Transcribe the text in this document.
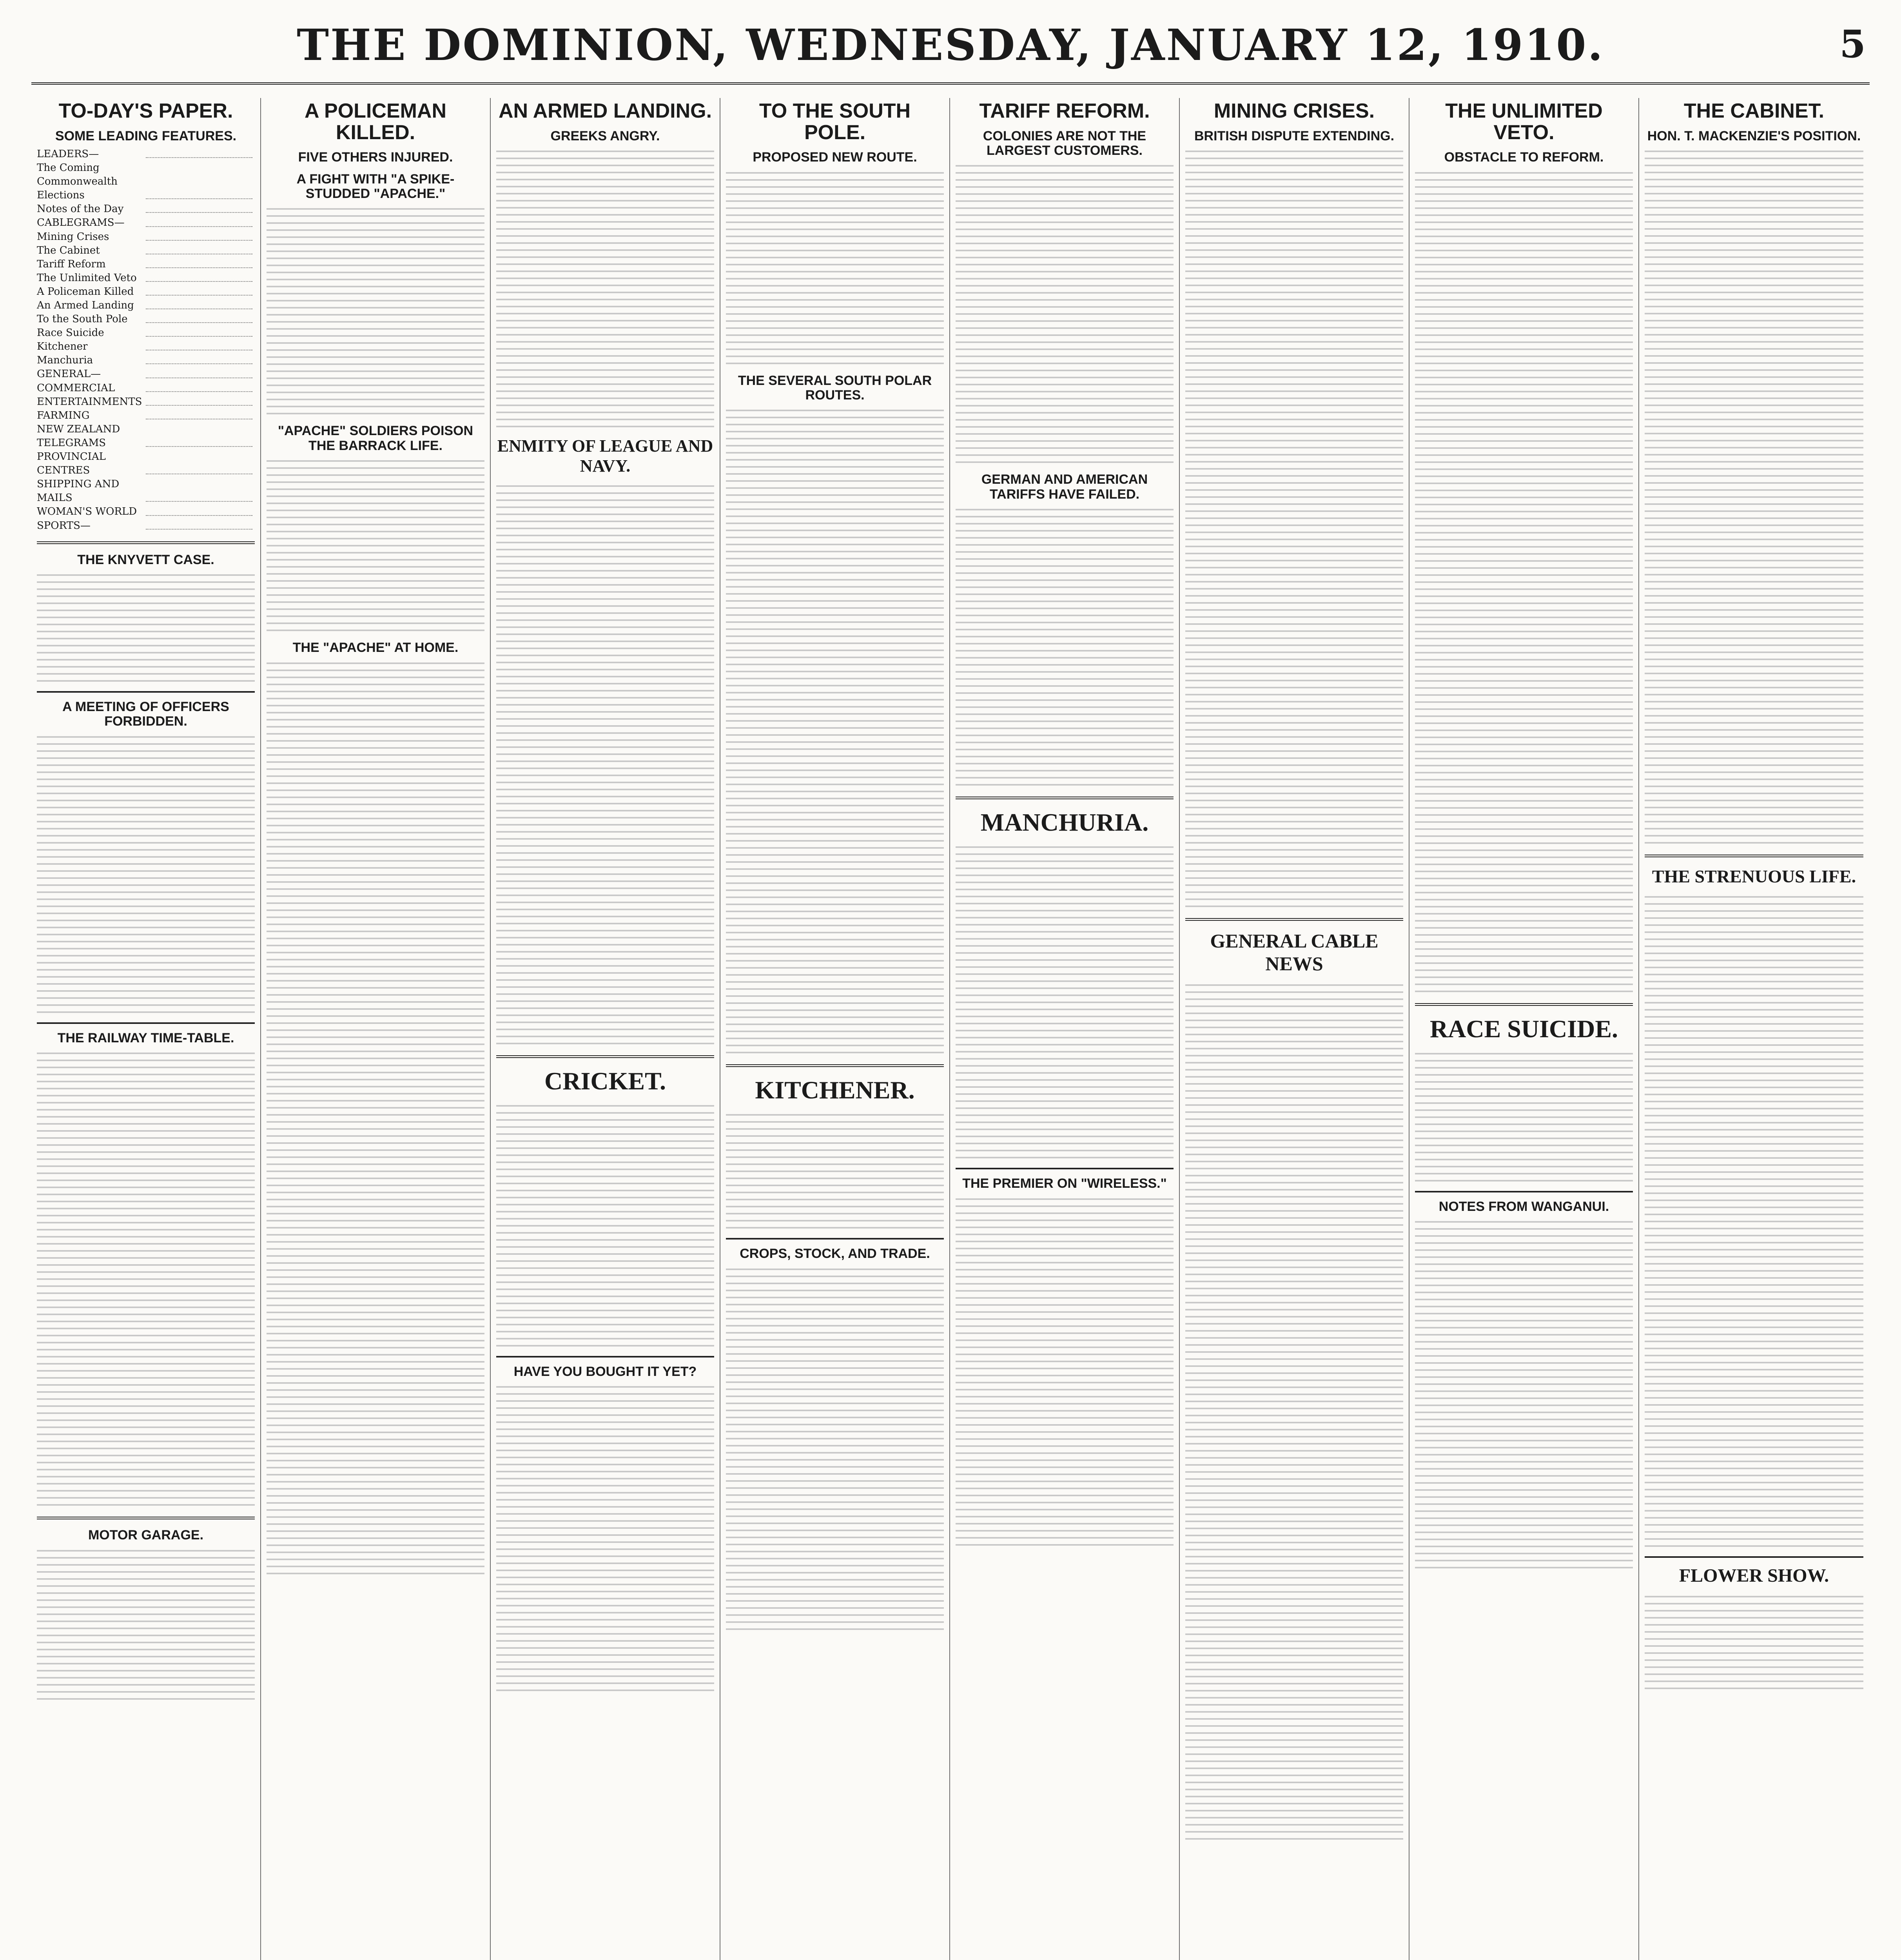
THE DOMINION, WEDNESDAY, JANUARY 12, 1910.	5
TO-DAY'S PAPER.
SOME LEADING FEATURES.
LEADERS—
The Coming Commonwealth Elections
Notes of the Day
CABLEGRAMS—
Mining Crises
The Cabinet
Tariff Reform
The Unlimited Veto
A Policeman Killed
An Armed Landing
To the South Pole
Race Suicide
Kitchener
Manchuria
GENERAL—
COMMERCIAL
ENTERTAINMENTS
FARMING
NEW ZEALAND TELEGRAMS
PROVINCIAL CENTRES
SHIPPING AND MAILS
WOMAN'S WORLD
SPORTS—
THE KNYVETT CASE.
A MEETING OF OFFICERS FORBIDDEN.
THE RAILWAY TIME-TABLE.
MOTOR GARAGE.
A POLICEMAN KILLED.
FIVE OTHERS INJURED.
A FIGHT WITH "A SPIKE-STUDDED "APACHE."
"APACHE" SOLDIERS POISON THE BARRACK LIFE.
THE "APACHE" AT HOME.
AN ARMED LANDING.
GREEKS ANGRY.
ENMITY OF LEAGUE AND NAVY.
CRICKET.
HAVE YOU BOUGHT IT YET?
TO THE SOUTH POLE.
PROPOSED NEW ROUTE.
THE SEVERAL SOUTH POLAR ROUTES.
KITCHENER.
CROPS, STOCK, AND TRADE.
TARIFF REFORM.
COLONIES ARE NOT THE LARGEST CUSTOMERS.
GERMAN AND AMERICAN TARIFFS HAVE FAILED.
MANCHURIA.
THE PREMIER ON "WIRELESS."
MINING CRISES.
BRITISH DISPUTE EXTENDING.
GENERAL CABLE NEWS
THE UNLIMITED VETO.
OBSTACLE TO REFORM.
RACE SUICIDE.
NOTES FROM WANGANUI.
THE CABINET.
HON. T. MACKENZIE'S POSITION.
THE STRENUOUS LIFE.
FLOWER SHOW.
